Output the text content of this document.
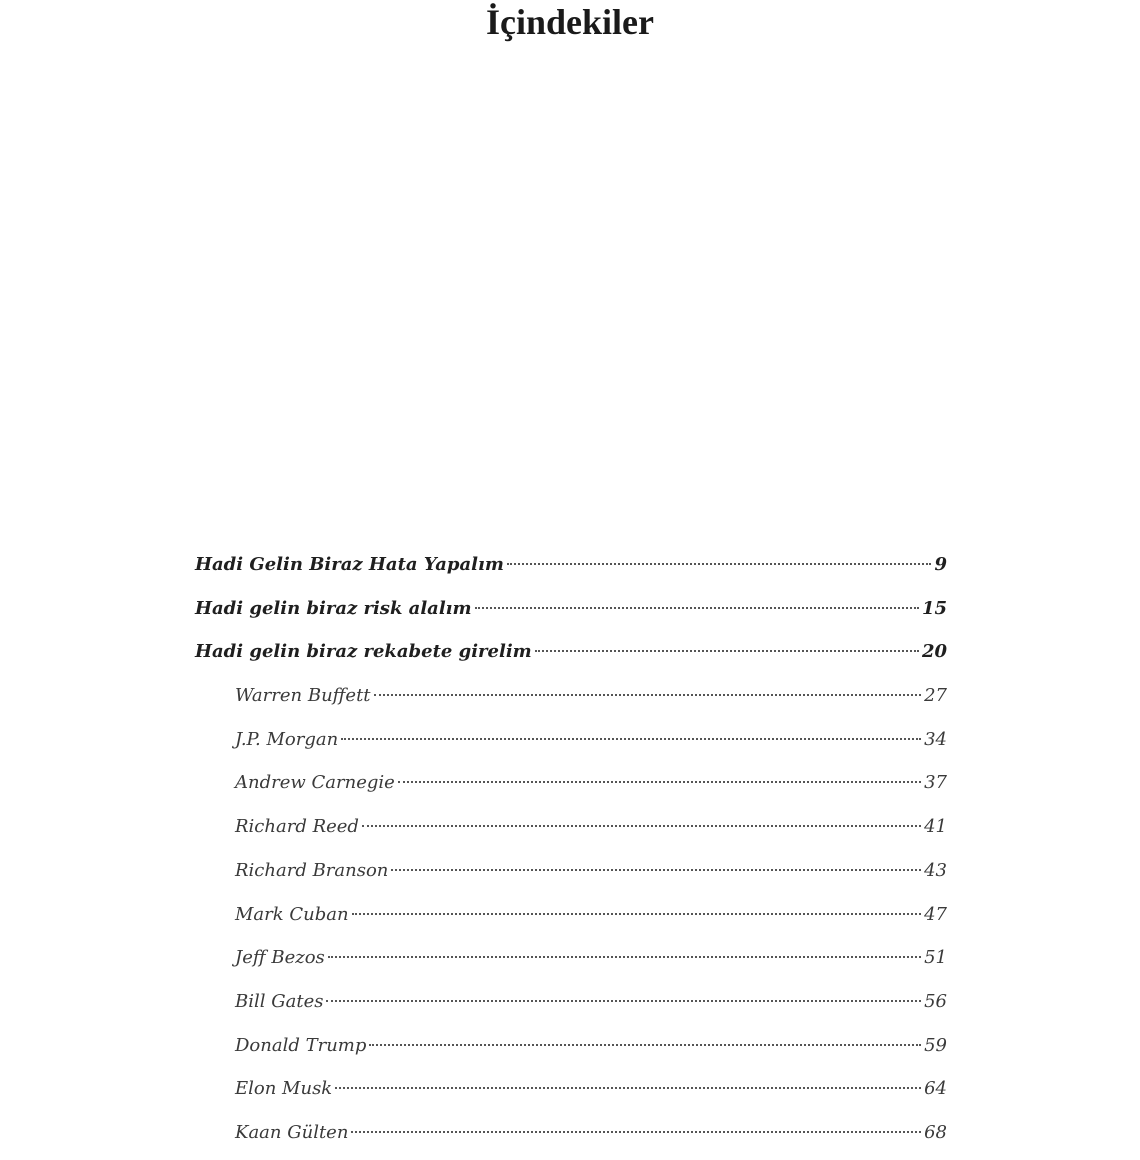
İçindekiler
Hadi Gelin Biraz Hata Yapalım	9
Hadi gelin biraz risk alalım	15
Hadi gelin biraz rekabete girelim	20
Warren Buffett	27
J.P. Morgan	34
Andrew Carnegie	37
Richard Reed	41
Richard Branson	43
Mark Cuban	47
Jeff Bezos	51
Bill Gates	56
Donald Trump	59
Elon Musk	64
Kaan Gülten	68
